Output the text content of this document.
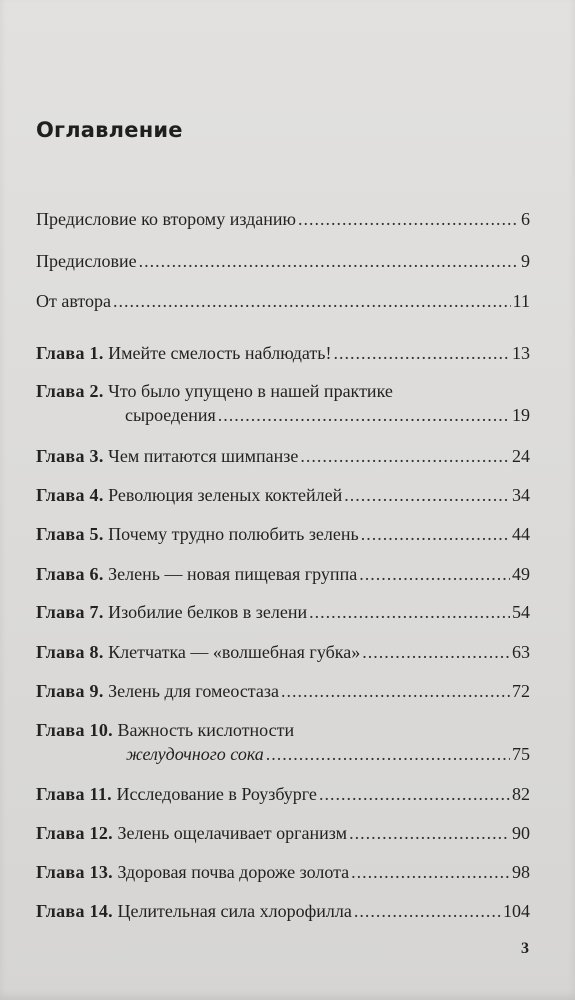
Оглавление
Предисловие ко второму изданию .....	6
Предисловие .....	9
От автора .....	11
Глава 1. Имейте смелость наблюдать! .....	13
Глава 2. Что было упущено в нашей практике
сыроедения .....	19
Глава 3. Чем питаются шимпанзе .....	24
Глава 4. Революция зеленых коктейлей .....	34
Глава 5. Почему трудно полюбить зелень .....	44
Глава 6. Зелень — новая пищевая группа .....	49
Глава 7. Изобилие белков в зелени .....	54
Глава 8. Клетчатка — «волшебная губка» .....	63
Глава 9. Зелень для гомеостаза .....	72
Глава 10. Важность кислотности
желудочного сока .....	75
Глава 11. Исследование в Роузбурге .....	82
Глава 12. Зелень ощелачивает организм .....	90
Глава 13. Здоровая почва дороже золота .....	98
Глава 14. Целительная сила хлорофилла .....	104
3
